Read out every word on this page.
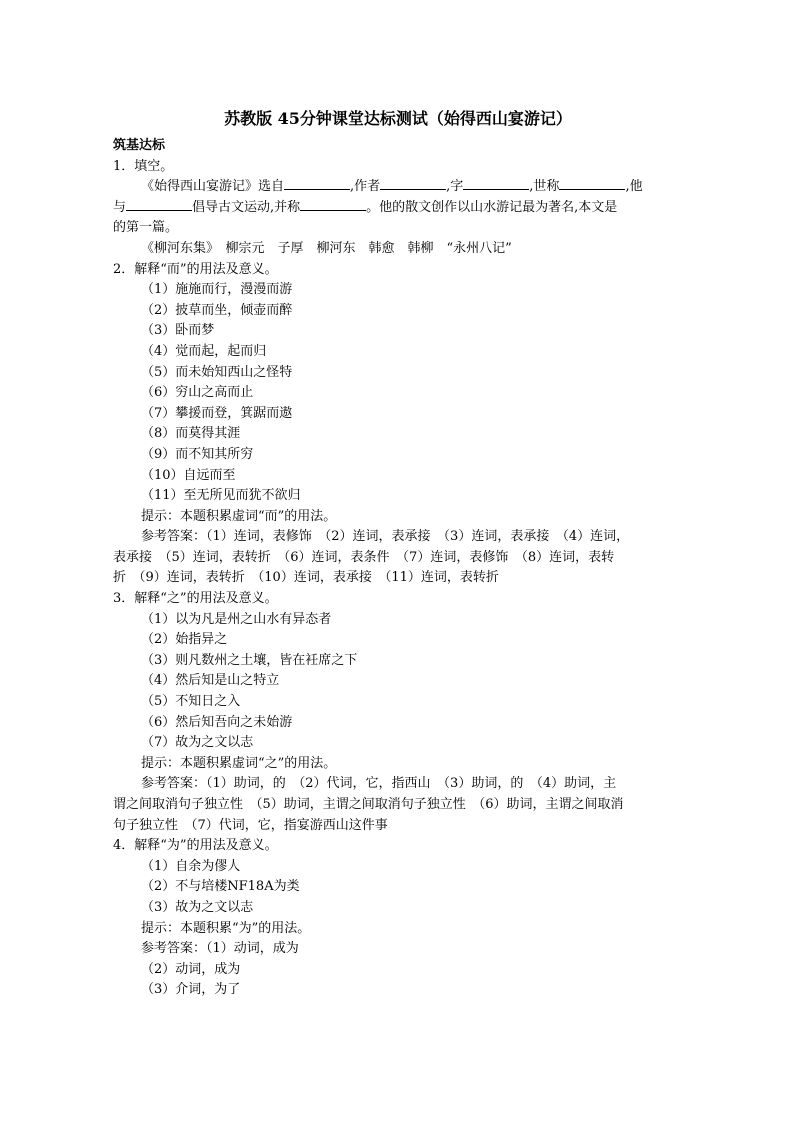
苏教版 45分钟课堂达标测试（始得西山宴游记）
筑基达标
1．填空。
《始得西山宴游记》选自	,作者	,字	,世称	,他
与	倡导古文运动,并称	。他的散文创作以山水游记最为著名,本文是
的第一篇。
《柳河东集》　柳宗元　子厚　柳河东　韩愈　韩柳　“永州八记”
2．解释“而”的用法及意义。
（1）施施而行，漫漫而游
（2）披草而坐，倾壶而醉
（3）卧而梦
（4）觉而起，起而归
（5）而未始知西山之怪特
（6）穷山之高而止
（7）攀援而登，箕踞而遨
（8）而莫得其涯
（9）而不知其所穷
（10）自远而至
（11）至无所见而犹不欲归
提示：本题积累虚词“而”的用法。
参考答案：（1）连词，表修饰　（2）连词，表承接　（3）连词，表承接　（4）连词，
表承接　（5）连词，表转折　（6）连词，表条件　（7）连词，表修饰　（8）连词，表转
折　（9）连词，表转折　（10）连词，表承接　（11）连词，表转折
3．解释“之”的用法及意义。
（1）以为凡是州之山水有异态者
（2）始指异之
（3）则凡数州之土壤，皆在衽席之下
（4）然后知是山之特立
（5）不知日之入
（6）然后知吾向之未始游
（7）故为之文以志
提示：本题积累虚词“之”的用法。
参考答案：（1）助词，的　（2）代词，它，指西山　（3）助词，的　（4）助词，主
谓之间取消句子独立性　（5）助词，主谓之间取消句子独立性　（6）助词，主谓之间取消
句子独立性　（7）代词，它，指宴游西山这件事
4．解释“为”的用法及意义。
（1）自余为僇人
（2）不与培楼NF18A为类
（3）故为之文以志
提示：本题积累“为”的用法。
参考答案：（1）动词，成为
（2）动词，成为
（3）介词，为了
